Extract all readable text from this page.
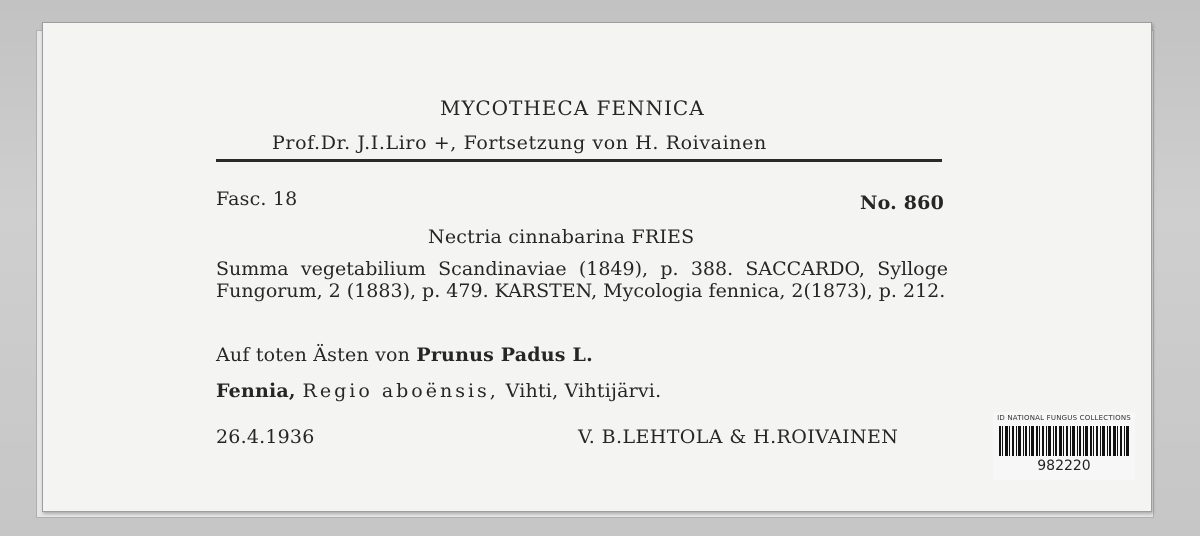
MYCOTHECA FENNICA
Prof.Dr. J.I.Liro +, Fortsetzung von H. Roivainen
Fasc. 18	No. 860
Nectria cinnabarina FRIES
Summa vegetabilium Scandinaviae (1849), p. 388. SACCARDO, Sylloge Fungorum, 2 (1883), p. 479. KARSTEN, Mycologia fennica, 2(1873), p. 212.
Auf toten Ästen von Prunus Padus L.
Fennia, Regio aboënsis, Vihti, Vihtijärvi.
26.4.1936	V. B.LEHTOLA & H.ROIVAINEN
ID NATIONAL FUNGUS COLLECTIONS
982220
